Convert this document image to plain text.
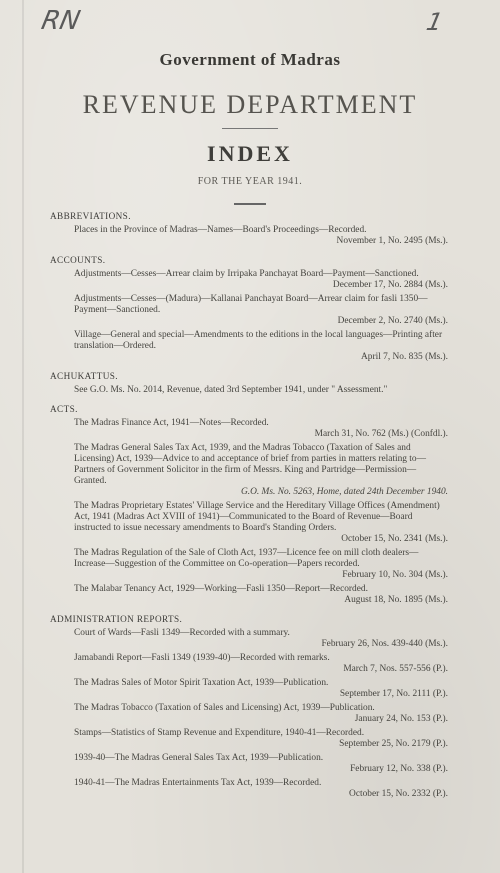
RN	1
Government of Madras
REVENUE DEPARTMENT
INDEX
FOR THE YEAR 1941.
ABBREVIATIONS.
Places in the Province of Madras—Names—Board's Proceedings—Recorded.
November 1, No. 2495 (Ms.).
ACCOUNTS.
Adjustments—Cesses—Arrear claim by Irripaka Panchayat Board—Payment—Sanctioned.
December 17, No. 2884 (Ms.).
Adjustments—Cesses—(Madura)—Kallanai Panchayat Board—Arrear claim for fasli 1350—Payment—Sanctioned.
December 2, No. 2740 (Ms.).
Village—General and special—Amendments to the editions in the local languages—Printing after translation—Ordered.
April 7, No. 835 (Ms.).
ACHUKATTUS.
See G.O. Ms. No. 2014, Revenue, dated 3rd September 1941, under " Assessment."
ACTS.
The Madras Finance Act, 1941—Notes—Recorded.
March 31, No. 762 (Ms.) (Confdl.).
The Madras General Sales Tax Act, 1939, and the Madras Tobacco (Taxation of Sales and Licensing) Act, 1939—Advice to and acceptance of brief from parties in matters relating to—Partners of Government Solicitor in the firm of Messrs. King and Partridge—Permission—Granted.
G.O. Ms. No. 5263, Home, dated 24th December 1940.
The Madras Proprietary Estates' Village Service and the Hereditary Village Offices (Amendment) Act, 1941 (Madras Act XVIII of 1941)—Communicated to the Board of Revenue—Board instructed to issue necessary amendments to Board's Standing Orders.
October 15, No. 2341 (Ms.).
The Madras Regulation of the Sale of Cloth Act, 1937—Licence fee on mill cloth dealers—Increase—Suggestion of the Committee on Co-operation—Papers recorded.
February 10, No. 304 (Ms.).
The Malabar Tenancy Act, 1929—Working—Fasli 1350—Report—Recorded.
August 18, No. 1895 (Ms.).
ADMINISTRATION REPORTS.
Court of Wards—Fasli 1349—Recorded with a summary.
February 26, Nos. 439-440 (Ms.).
Jamabandi Report—Fasli 1349 (1939-40)—Recorded with remarks.
March 7, Nos. 557-556 (P.).
The Madras Sales of Motor Spirit Taxation Act, 1939—Publication.
September 17, No. 2111 (P.).
The Madras Tobacco (Taxation of Sales and Licensing) Act, 1939—Publication.
January 24, No. 153 (P.).
Stamps—Statistics of Stamp Revenue and Expenditure, 1940-41—Recorded.
September 25, No. 2179 (P.).
1939-40—The Madras General Sales Tax Act, 1939—Publication.
February 12, No. 338 (P.).
1940-41—The Madras Entertainments Tax Act, 1939—Recorded.
October 15, No. 2332 (P.).
